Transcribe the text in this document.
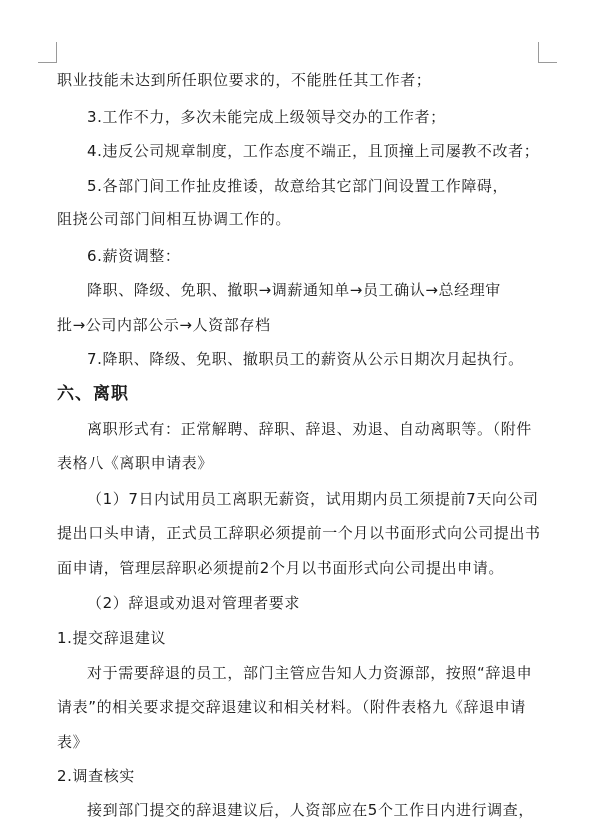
职业技能未达到所任职位要求的，不能胜任其工作者；
3.工作不力，多次未能完成上级领导交办的工作者；
4.违反公司规章制度，工作态度不端正，且顶撞上司屡教不改者；
5.各部门间工作扯皮推诿，故意给其它部门间设置工作障碍，
阻挠公司部门间相互协调工作的。
6.薪资调整：
降职、降级、免职、撤职→调薪通知单→员工确认→总经理审
批→公司内部公示→人资部存档
7.降职、降级、免职、撤职员工的薪资从公示日期次月起执行。
六、离职
离职形式有：正常解聘、辞职、辞退、劝退、自动离职等。（附件
表格八《离职申请表》
（1）7日内试用员工离职无薪资，试用期内员工须提前7天向公司
提出口头申请，正式员工辞职必须提前一个月以书面形式向公司提出书
面申请，管理层辞职必须提前2个月以书面形式向公司提出申请。
（2）辞退或劝退对管理者要求
1.提交辞退建议
对于需要辞退的员工，部门主管应告知人力资源部，按照“辞退申
请表”的相关要求提交辞退建议和相关材料。（附件表格九《辞退申请
表》
2.调查核实
接到部门提交的辞退建议后，人资部应在5个工作日内进行调查，
